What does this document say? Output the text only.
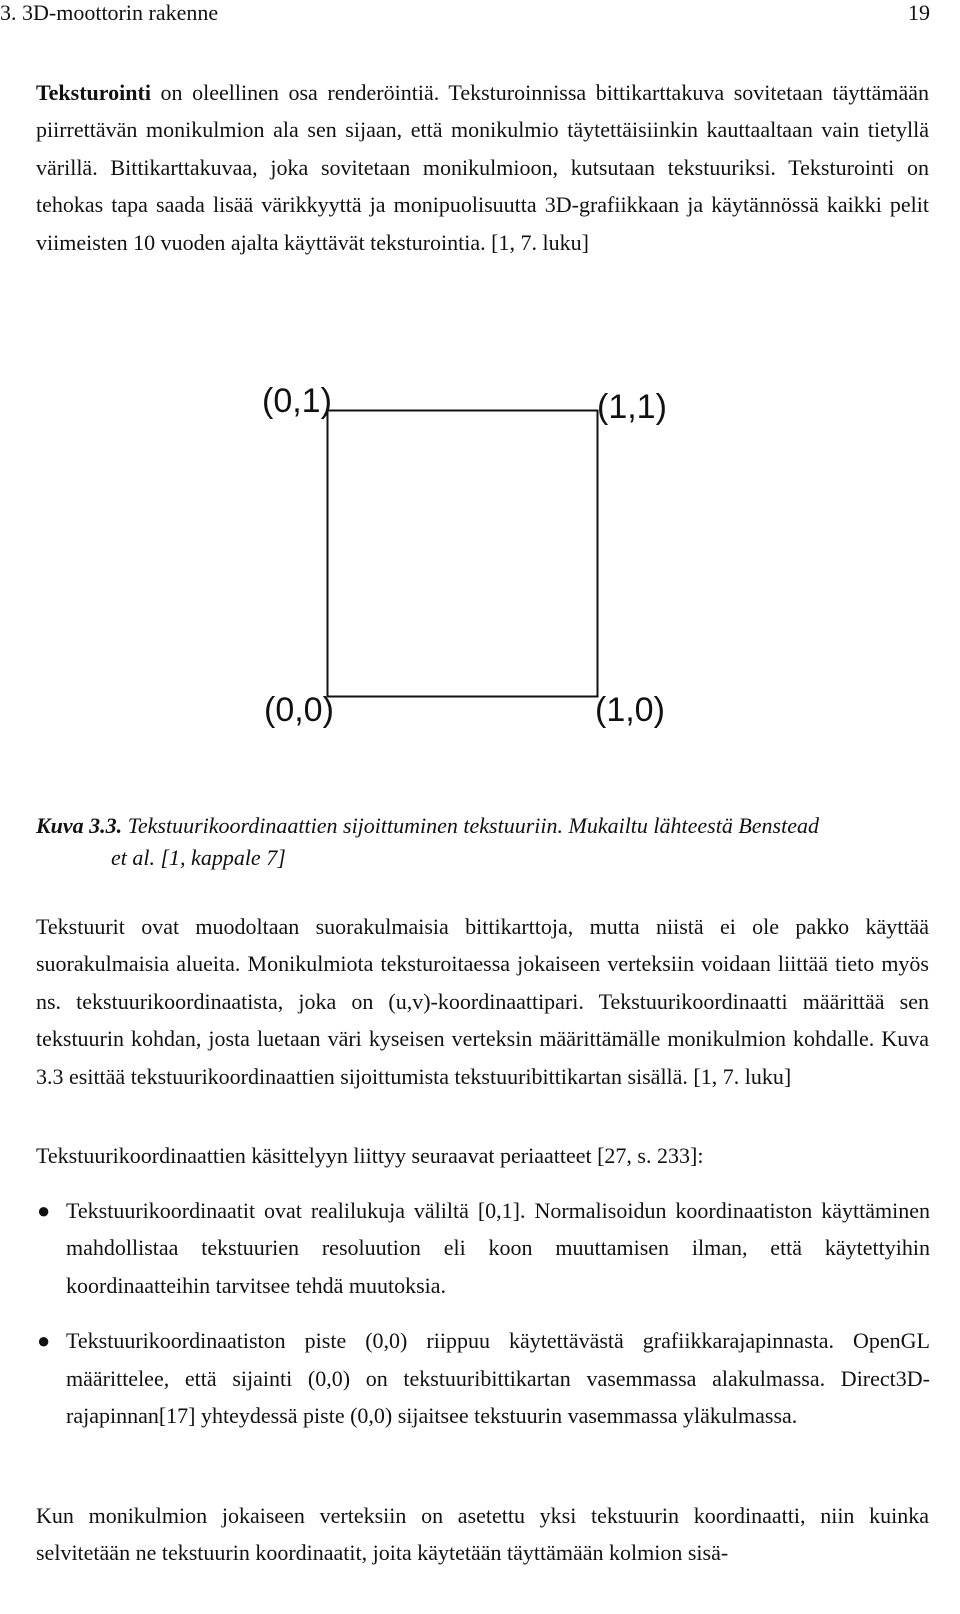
3. 3D-moottorin rakenne	19

Teksturointi on oleellinen osa renderöintiä. Teksturoinnissa bittikarttakuva sovitetaan täyttämään piirrettävän monikulmion ala sen sijaan, että monikulmio täytettäisiinkin kauttaaltaan vain tietyllä värillä. Bittikarttakuvaa, joka sovitetaan monikulmioon, kutsutaan tekstuuriksi. Teksturointi on tehokas tapa saada lisää värikkyyttä ja monipuolisuutta 3D-grafiikkaan ja käytännössä kaikki pelit viimeisten 10 vuoden ajalta käyttävät teksturointia. [1, 7. luku]

(0,1)	(1,1)
(0,0)	(1,0)
Kuva 3.3. Tekstuurikoordinaattien sijoittuminen tekstuuriin. Mukailtu lähteestä Benstead
et al. [1, kappale 7]

Tekstuurit ovat muodoltaan suorakulmaisia bittikarttoja, mutta niistä ei ole pakko käyttää suorakulmaisia alueita. Monikulmiota teksturoitaessa jokaiseen verteksiin voidaan liittää tieto myös ns. tekstuurikoordinaatista, joka on (u,v)-koordinaattipari. Tekstuurikoordinaatti määrittää sen tekstuurin kohdan, josta luetaan väri kyseisen verteksin määrittämälle monikulmion kohdalle. Kuva 3.3 esittää tekstuurikoordinaattien sijoittumista tekstuuribittikartan sisällä. [1, 7. luku]

Tekstuurikoordinaattien käsittelyyn liittyy seuraavat periaatteet [27, s. 233]:

● Tekstuurikoordinaatit ovat realilukuja väliltä [0,1]. Normalisoidun koordinaatiston käyttäminen mahdollistaa tekstuurien resoluution eli koon muuttamisen ilman, että käytettyihin koordinaatteihin tarvitsee tehdä muutoksia.
● Tekstuurikoordinaatiston piste (0,0) riippuu käytettävästä grafiikkarajapinnasta. OpenGL määrittelee, että sijainti (0,0) on tekstuuribittikartan vasemmassa alakulmassa. Direct3D-rajapinnan[17] yhteydessä piste (0,0) sijaitsee tekstuurin vasemmassa yläkulmassa.

Kun monikulmion jokaiseen verteksiin on asetettu yksi tekstuurin koordinaatti, niin kuinka selvitetään ne tekstuurin koordinaatit, joita käytetään täyttämään kolmion sisä-
